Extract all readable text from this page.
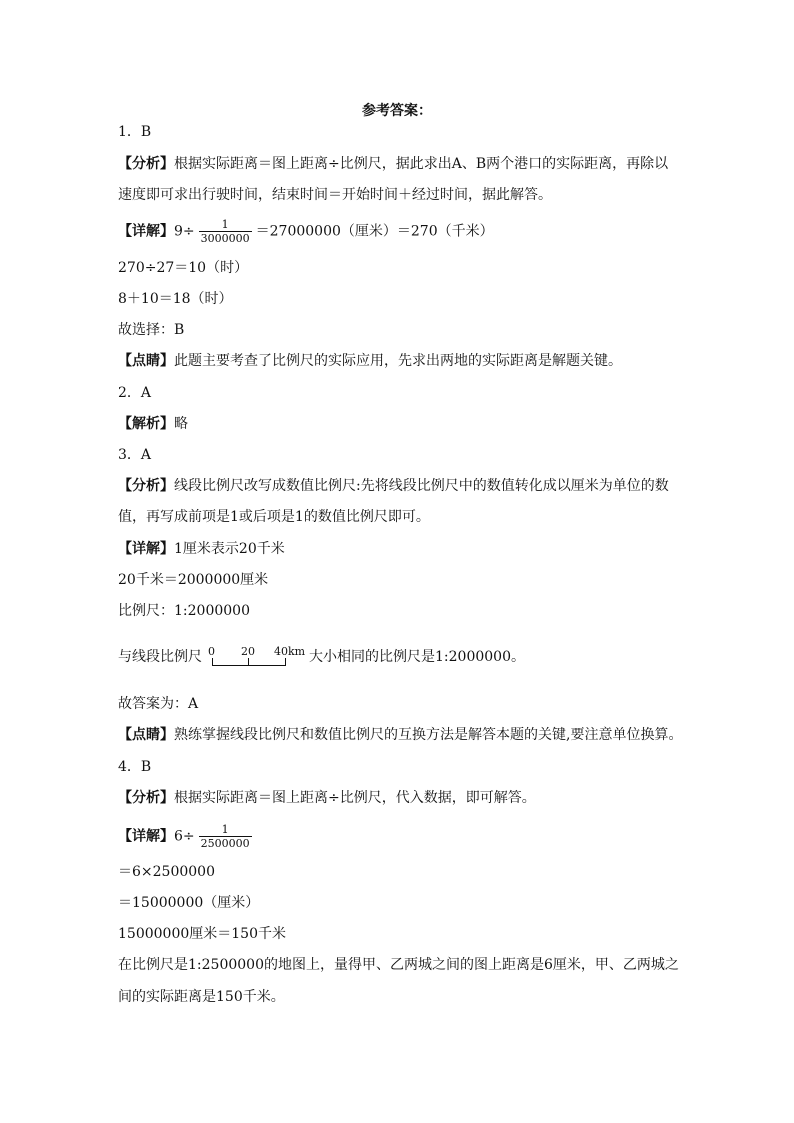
参考答案：
1．B
【分析】根据实际距离＝图上距离÷比例尺，据此求出A、B两个港口的实际距离，再除以
速度即可求出行驶时间，结束时间＝开始时间＋经过时间，据此解答。
【详解】$9\div \frac{1}{3000000} =27000000$（厘米）＝270（千米）
270÷27＝10（时）
8＋10＝18（时）
故选择：B
【点睛】此题主要考查了比例尺的实际应用，先求出两地的实际距离是解题关键。
2．A
【解析】略
3．A
【分析】线段比例尺改写成数值比例尺:先将线段比例尺中的数值转化成以厘米为单位的数
值，再写成前项是1或后项是1的数值比例尺即可。
【详解】1厘米表示20千米
20千米＝2000000厘米
比例尺：1:2000000
与线段比例尺 0 20 40km 大小相同的比例尺是1:2000000。
故答案为：A
【点睛】熟练掌握线段比例尺和数值比例尺的互换方法是解答本题的关键,要注意单位换算。
4．B
【分析】根据实际距离＝图上距离÷比例尺，代入数据，即可解答。
【详解】$6\div \frac{1}{2500000}$
＝6×2500000
＝15000000（厘米）
15000000厘米＝150千米
在比例尺是1:2500000的地图上，量得甲、乙两城之间的图上距离是6厘米，甲、乙两城之
间的实际距离是150千米。
